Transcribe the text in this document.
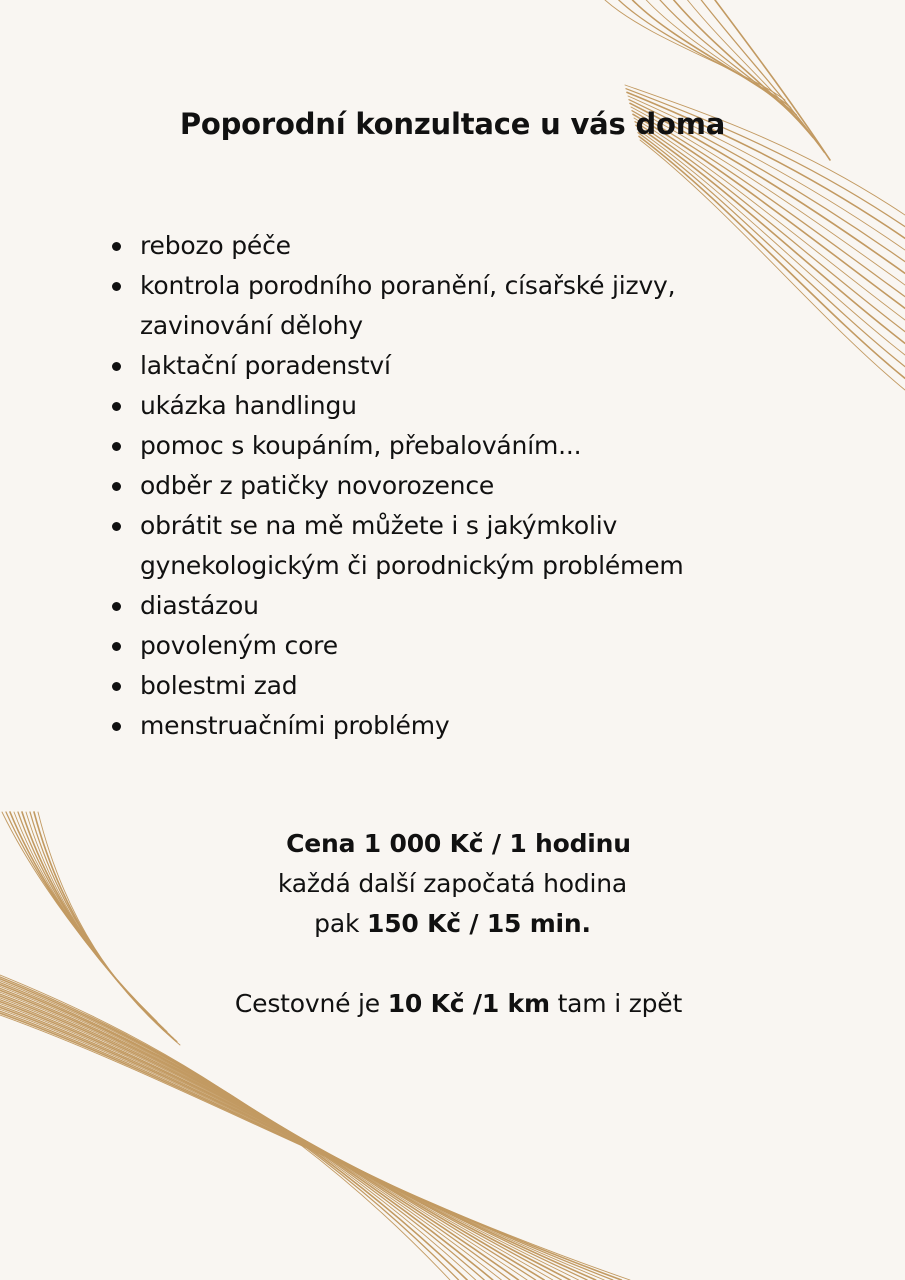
Poporodní konzultace u vás doma
rebozo péče
kontrola porodního poranění, císařské jizvy, zavinování dělohy
laktační poradenství
ukázka handlingu
pomoc s koupáním, přebalováním...
odběr z patičky novorozence
obrátit se na mě můžete i s jakýmkoliv gynekologickým či porodnickým problémem
diastázou
povoleným core
bolestmi zad
menstruačními problémy

Cena 1 000 Kč / 1 hodinu

každá další započatá hodina

pak 150 Kč / 15 min.

Cestovné je 10 Kč /1 km tam i zpět
